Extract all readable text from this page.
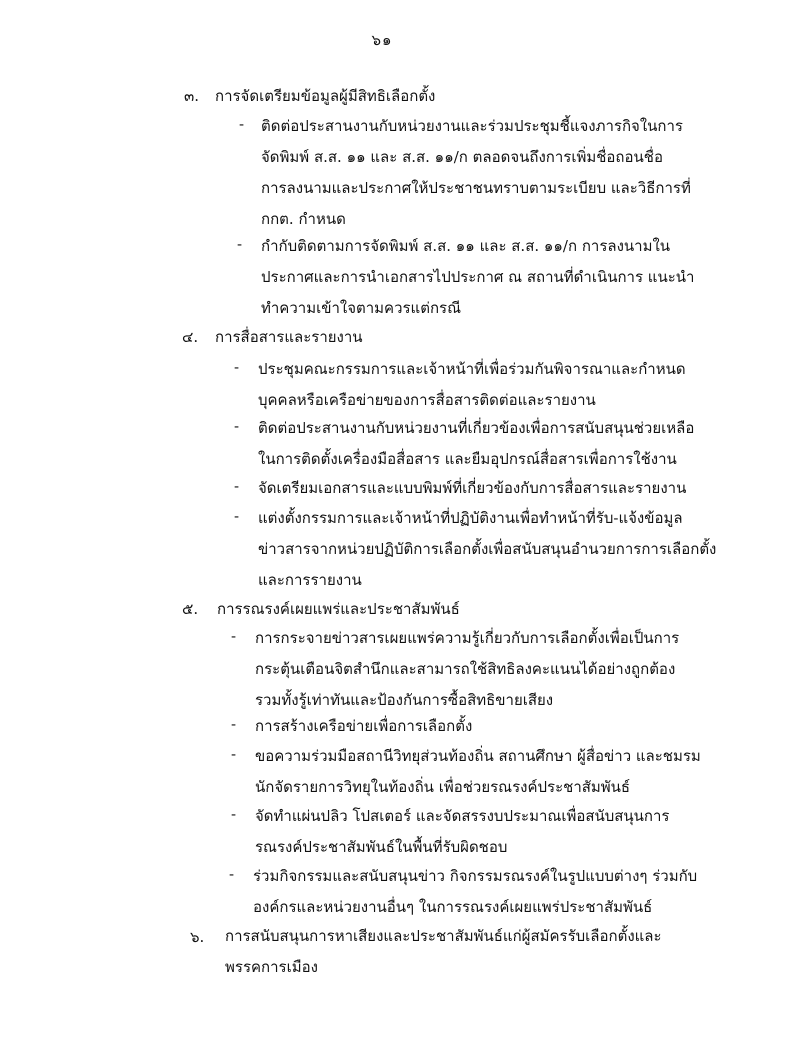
๖๑
๓. การจัดเตรียมข้อมูลผู้มีสิทธิเลือกตั้ง
- ติดต่อประสานงานกับหน่วยงานและร่วมประชุมชี้แจงภารกิจในการ
จัดพิมพ์ ส.ส. ๑๑ และ ส.ส. ๑๑/ก ตลอดจนถึงการเพิ่มชื่อถอนชื่อ
การลงนามและประกาศให้ประชาชนทราบตามระเบียบ และวิธีการที่
กกต. กำหนด
- กำกับติดตามการจัดพิมพ์ ส.ส. ๑๑ และ ส.ส. ๑๑/ก การลงนามใน
ประกาศและการนำเอกสารไปประกาศ ณ สถานที่ดำเนินการ แนะนำ
ทำความเข้าใจตามควรแต่กรณี
๔. การสื่อสารและรายงาน
- ประชุมคณะกรรมการและเจ้าหน้าที่เพื่อร่วมกันพิจารณาและกำหนด
บุคคลหรือเครือข่ายของการสื่อสารติดต่อและรายงาน
- ติดต่อประสานงานกับหน่วยงานที่เกี่ยวข้องเพื่อการสนับสนุนช่วยเหลือ
ในการติดตั้งเครื่องมือสื่อสาร และยืมอุปกรณ์สื่อสารเพื่อการใช้งาน
- จัดเตรียมเอกสารและแบบพิมพ์ที่เกี่ยวข้องกับการสื่อสารและรายงาน
- แต่งตั้งกรรมการและเจ้าหน้าที่ปฏิบัติงานเพื่อทำหน้าที่รับ-แจ้งข้อมูล
ข่าวสารจากหน่วยปฏิบัติการเลือกตั้งเพื่อสนับสนุนอำนวยการการเลือกตั้ง
และการรายงาน
๕. การรณรงค์เผยแพร่และประชาสัมพันธ์
- การกระจายข่าวสารเผยแพร่ความรู้เกี่ยวกับการเลือกตั้งเพื่อเป็นการ
กระตุ้นเตือนจิตสำนึกและสามารถใช้สิทธิลงคะแนนได้อย่างถูกต้อง
รวมทั้งรู้เท่าทันและป้องกันการซื้อสิทธิขายเสียง
- การสร้างเครือข่ายเพื่อการเลือกตั้ง
- ขอความร่วมมือสถานีวิทยุส่วนท้องถิ่น สถานศึกษา ผู้สื่อข่าว และชมรม
นักจัดรายการวิทยุในท้องถิ่น เพื่อช่วยรณรงค์ประชาสัมพันธ์
- จัดทำแผ่นปลิว โปสเตอร์ และจัดสรรงบประมาณเพื่อสนับสนุนการ
รณรงค์ประชาสัมพันธ์ในพื้นที่รับผิดชอบ
- ร่วมกิจกรรมและสนับสนุนข่าว กิจกรรมรณรงค์ในรูปแบบต่างๆ ร่วมกับ
องค์กรและหน่วยงานอื่นๆ ในการรณรงค์เผยแพร่ประชาสัมพันธ์
๖. การสนับสนุนการหาเสียงและประชาสัมพันธ์แก่ผู้สมัครรับเลือกตั้งและ
พรรคการเมือง
